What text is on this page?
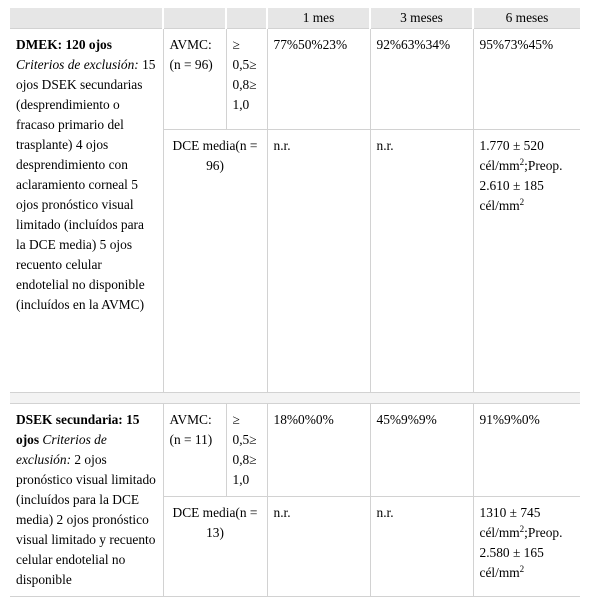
			1 mes	3 meses	6 meses
DMEK: 120 ojos Criterios de exclusión: 15 ojos DSEK secundarias (desprendimiento o fracaso primario del trasplante) 4 ojos desprendimiento con aclaramiento corneal 5 ojos pronóstico visual limitado (incluídos para la DCE media) 5 ojos recuento celular endotelial no disponible (incluídos en la AVMC)	AVMC: (n = 96)	≥ 0,5≥ 0,8≥ 1,0	77%50%23%	92%63%34%	95%73%45%
	DCE media(n = 96)		n.r.	n.r.	1.770 ± 520 cél/$mm^2;Preop$. 2.610 ± 185 cél/$mm^2$

DSEK secundaria: 15 ojos Criterios de exclusión: 2 ojos pronóstico visual limitado (incluídos para la DCE media) 2 ojos pronóstico visual limitado y recuento celular endotelial no disponible	AVMC: (n = 11)	≥ 0,5≥ 0,8≥ 1,0	18%0%0%	45%9%9%	91%9%0%
	DCE media(n = 13)		n.r.	n.r.	1310 ± 745 cél/$mm^2;Preop$. 2.580 ± 165 cél/$mm^2$
